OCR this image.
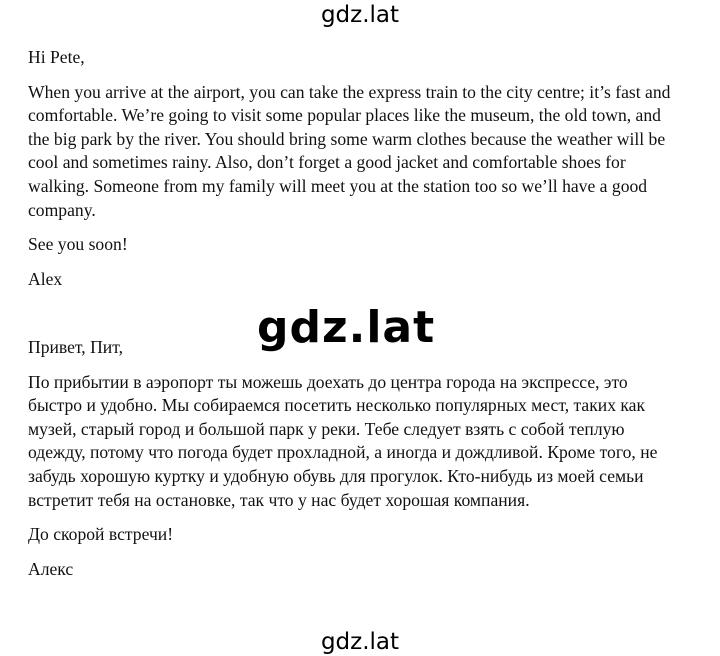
gdz.lat

Hi Pete,

When you arrive at the airport, you can take the express train to the city centre; it’s fast and comfortable. We’re going to visit some popular places like the museum, the old town, and the big park by the river. You should bring some warm clothes because the weather will be cool and sometimes rainy. Also, don’t forget a good jacket and comfortable shoes for walking. Someone from my family will meet you at the station too so we’ll have a good company.

See you soon!

Alex

gdz.lat

Привет, Пит,

По прибытии в аэропорт ты можешь доехать до центра города на экспрессе, это быстро и удобно. Мы собираемся посетить несколько популярных мест, таких как музей, старый город и большой парк у реки. Тебе следует взять с собой теплую одежду, потому что погода будет прохладной, а иногда и дождливой. Кроме того, не забудь хорошую куртку и удобную обувь для прогулок. Кто-нибудь из моей семьи встретит тебя на остановке, так что у нас будет хорошая компания.

До скорой встречи!

Алекс

gdz.lat
